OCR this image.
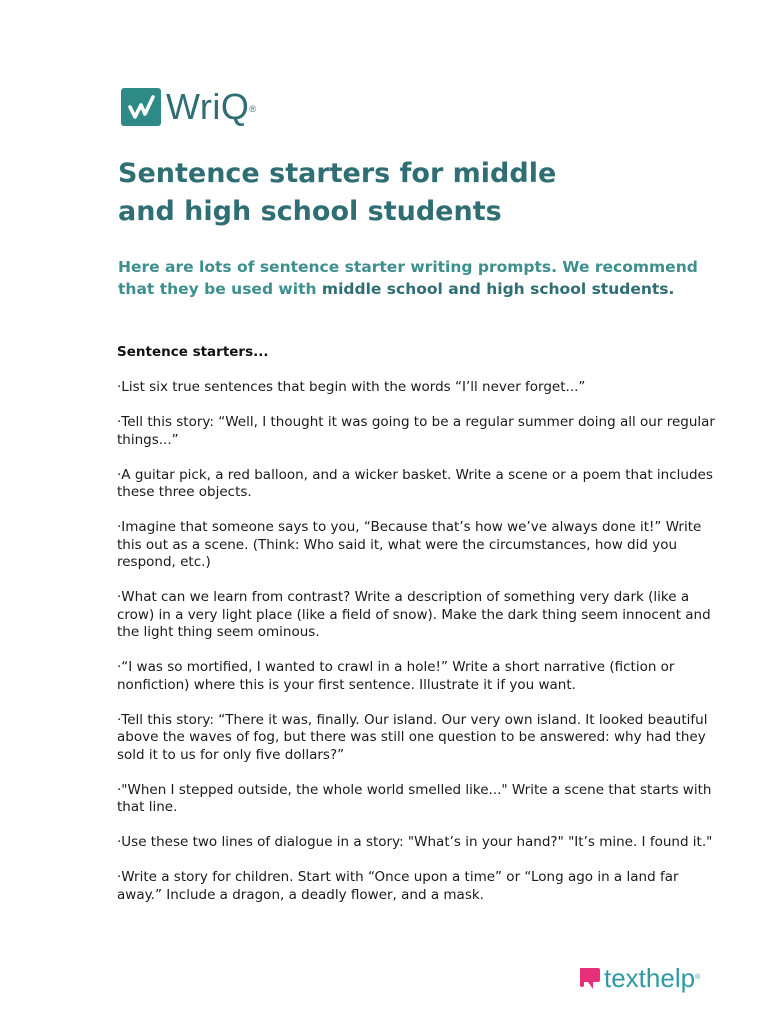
WriQ®
Sentence starters for middle
and high school students

Here are lots of sentence starter writing prompts. We recommend that they be used with middle school and high school students.

Sentence starters...

·List six true sentences that begin with the words “I’ll never forget...”

·Tell this story: “Well, I thought it was going to be a regular summer doing all our regular things...”

·A guitar pick, a red balloon, and a wicker basket. Write a scene or a poem that includes these three objects.

·Imagine that someone says to you, “Because that’s how we’ve always done it!” Write this out as a scene. (Think: Who said it, what were the circumstances, how did you respond, etc.)

·What can we learn from contrast? Write a description of something very dark (like a crow) in a very light place (like a field of snow). Make the dark thing seem innocent and the light thing seem ominous.

·“I was so mortified, I wanted to crawl in a hole!” Write a short narrative (fiction or nonfiction) where this is your first sentence. Illustrate it if you want.

·Tell this story: “There it was, finally. Our island. Our very own island. It looked beautiful above the waves of fog, but there was still one question to be answered: why had they sold it to us for only five dollars?”

·"When I stepped outside, the whole world smelled like..." Write a scene that starts with that line.

·Use these two lines of dialogue in a story: "What’s in your hand?" "It’s mine. I found it."

·Write a story for children. Start with “Once upon a time” or “Long ago in a land far away.” Include a dragon, a deadly flower, and a mask.

texthelp®
